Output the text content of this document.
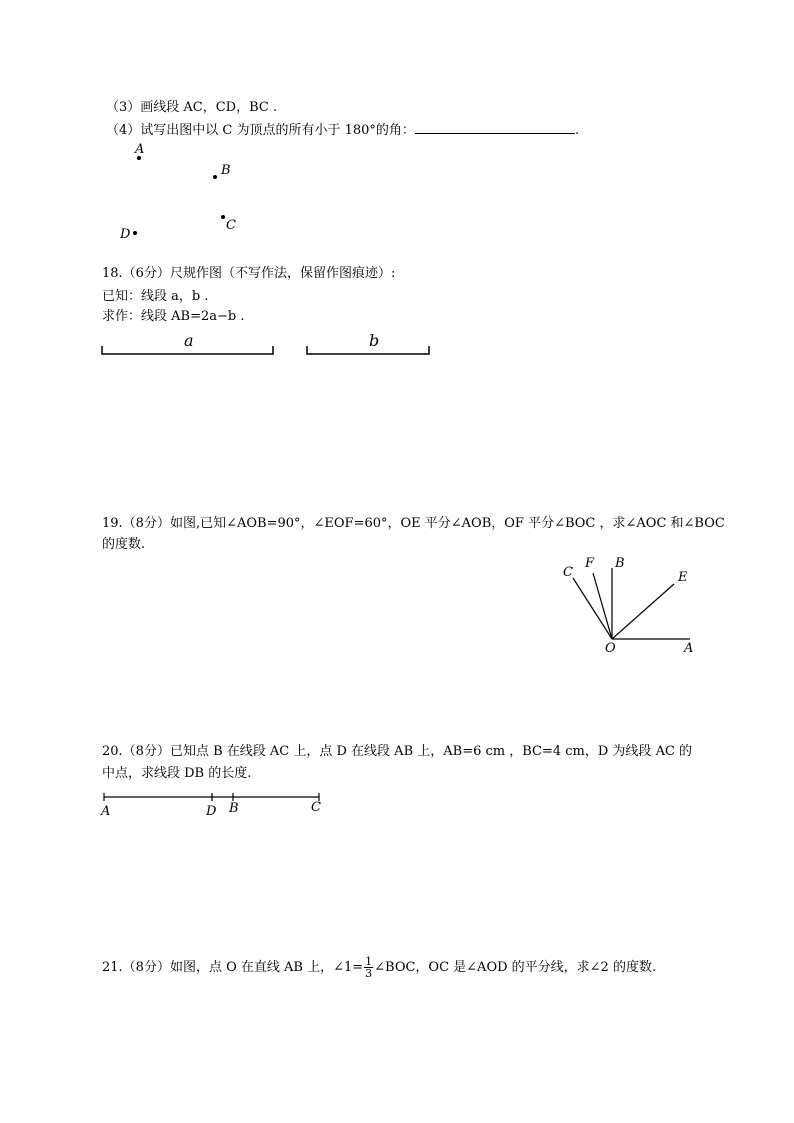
（3）画线段 AC，CD，BC .
（4）试写出图中以 C 为顶点的所有小于 180°的角：	.
18.（6分）尺规作图（不写作法，保留作图痕迹）:
已知：线段 a，b .
求作：线段 AB=2a−b .
19.（8分）如图,已知∠AOB=90°，∠EOF=60°，OE 平分∠AOB，OF 平分∠BOC ，求∠AOC 和∠BOC
的度数.
20.（8分）已知点 B 在线段 AC 上，点 D 在线段 AB 上，AB=6 cm ，BC=4 cm，D 为线段 AC 的
中点，求线段 DB 的长度.
21.（8分）如图，点 O 在直线 AB 上，∠1= $\frac{1}{3}$ ∠BOC，OC 是∠AOD 的平分线，求∠2 的度数.
A
B
C
D
a	b
C
F B
E
O	A
A	D B	C
